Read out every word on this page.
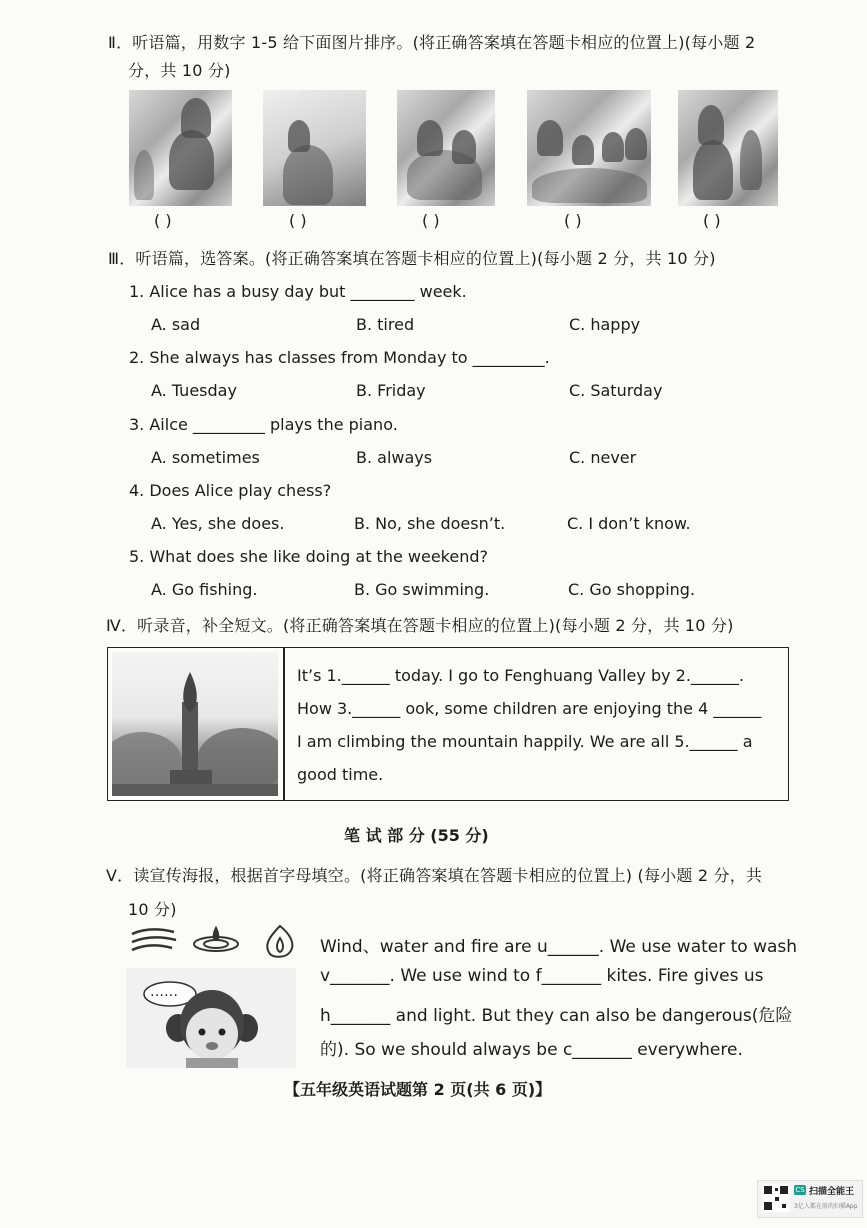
Ⅱ．听语篇，用数字 1-5 给下面图片排序。(将正确答案填在答题卡相应的位置上)(每小题 2
分，共 10 分)
( )	( )	( )	( )	( )
Ⅲ．听语篇，选答案。(将正确答案填在答题卡相应的位置上)(每小题 2 分，共 10 分)
1. Alice has a busy day but ________ week.
A. sad	B. tired	C. happy
2. She always has classes from Monday to _________.
A. Tuesday	B. Friday	C. Saturday
3. Ailce _________ plays the piano.
A. sometimes	B. always	C. never
4. Does Alice play chess?
A. Yes, she does.	B. No, she doesn’t.	C. I don’t know.
5. What does she like doing at the weekend?
A. Go fishing.	B. Go swimming.	C. Go shopping.
Ⅳ．听录音，补全短文。(将正确答案填在答题卡相应的位置上)(每小题 2 分，共 10 分)
It’s 1.______ today. I go to Fenghuang Valley by 2.______.
How 3.______ ook, some children are enjoying the 4 ______
I am climbing the mountain happily. We are all 5.______ a
good time.
笔 试 部 分 (55 分)
Ⅴ．读宣传海报，根据首字母填空。(将正确答案填在答题卡相应的位置上) (每小题 2 分，共
10 分)
……
Wind、water and fire are u______. We use water to wash
v_______. We use wind to f_______ kites. Fire gives us
h_______ and light. But they can also be dangerous(危险
的). So we should always be c_______ everywhere.
【五年级英语试题第 2 页(共 6 页)】
CS 扫描全能王
3亿人都在用的扫描App
